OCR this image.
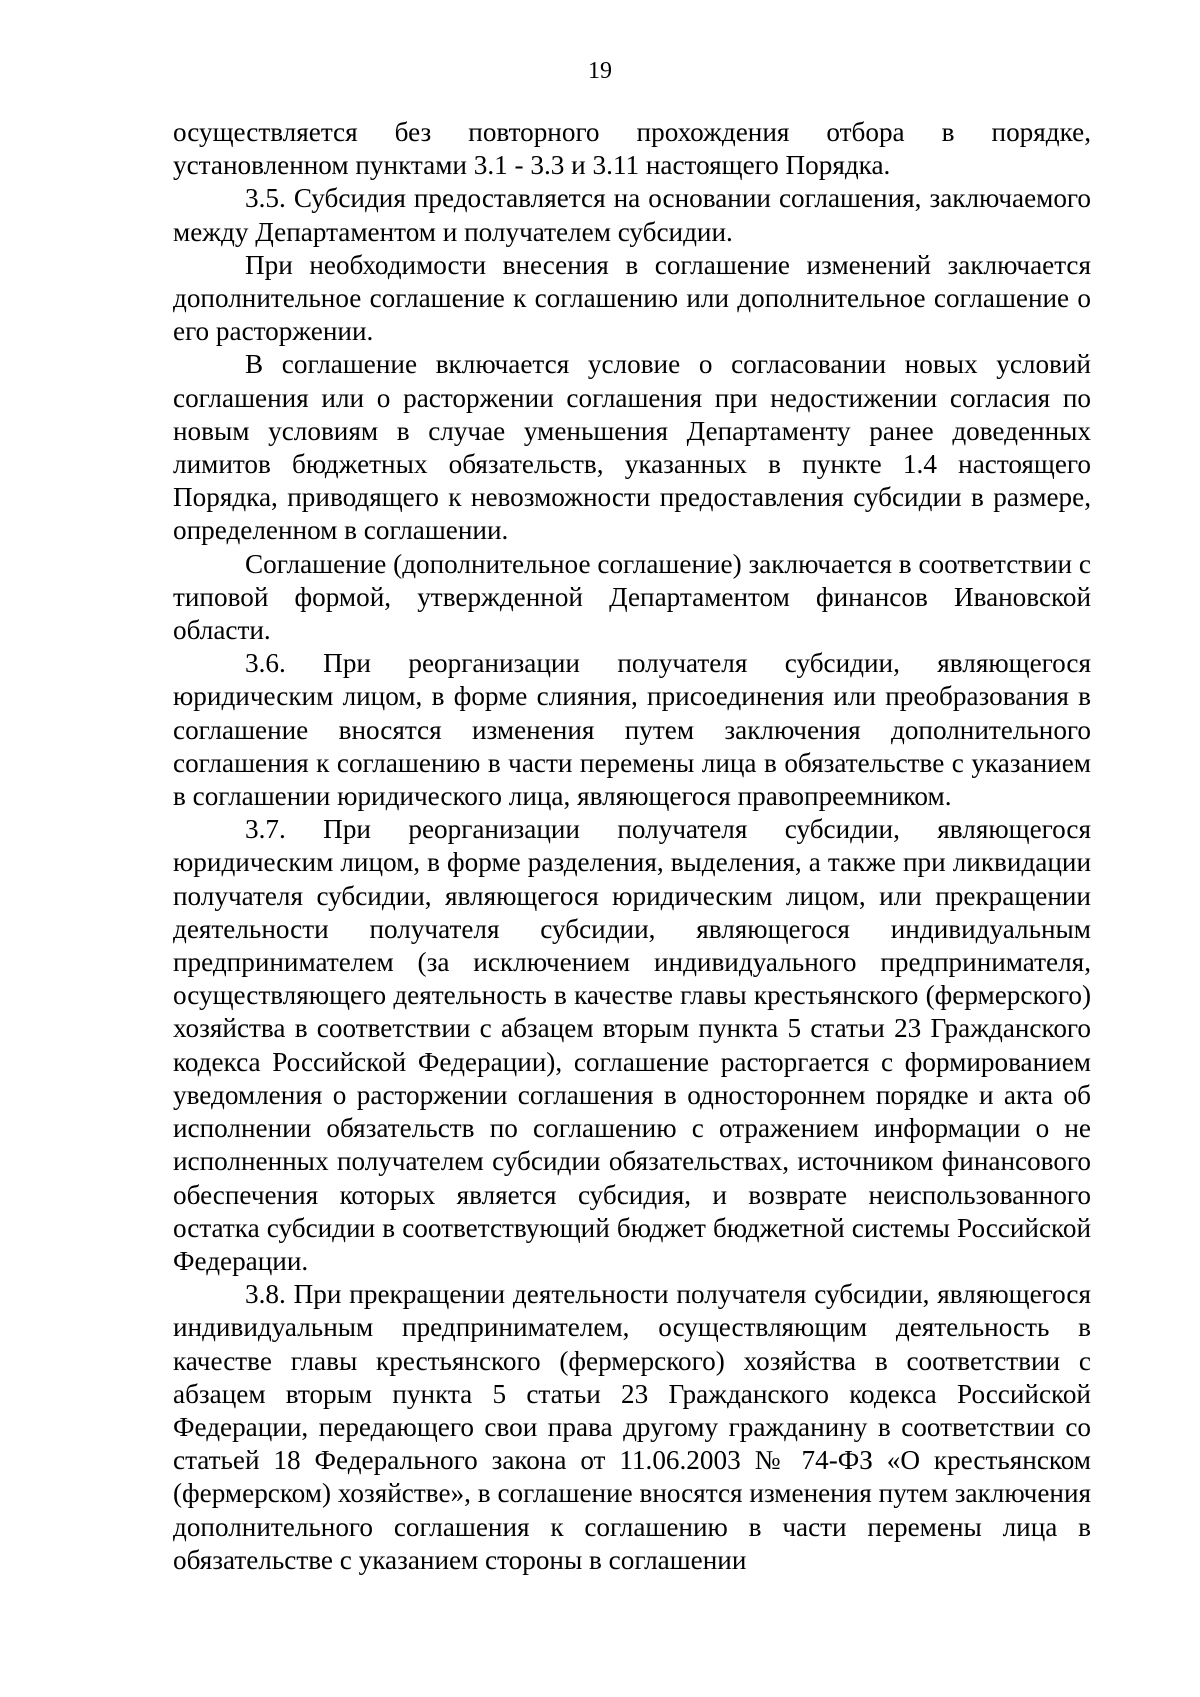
19

осуществляется без повторного прохождения отбора в порядке, установленном пунктами 3.1 - 3.3 и 3.11 настоящего Порядка.

3.5. Субсидия предоставляется на основании соглашения, заключаемого между Департаментом и получателем субсидии.

При необходимости внесения в соглашение изменений заключается дополнительное соглашение к соглашению или дополнительное соглашение о его расторжении.

В соглашение включается условие о согласовании новых условий соглашения или о расторжении соглашения при недостижении согласия по новым условиям в случае уменьшения Департаменту ранее доведенных лимитов бюджетных обязательств, указанных в пункте 1.4 настоящего Порядка, приводящего к невозможности предоставления субсидии в размере, определенном в соглашении.

Соглашение (дополнительное соглашение) заключается в соответствии с типовой формой, утвержденной Департаментом финансов Ивановской области.

3.6. При реорганизации получателя субсидии, являющегося юридическим лицом, в форме слияния, присоединения или преобразования в соглашение вносятся изменения путем заключения дополнительного соглашения к соглашению в части перемены лица в обязательстве с указанием в соглашении юридического лица, являющегося правопреемником.

3.7. При реорганизации получателя субсидии, являющегося юридическим лицом, в форме разделения, выделения, а также при ликвидации получателя субсидии, являющегося юридическим лицом, или прекращении деятельности получателя субсидии, являющегося индивидуальным предпринимателем (за исключением индивидуального предпринимателя, осуществляющего деятельность в качестве главы крестьянского (фермерского) хозяйства в соответствии с абзацем вторым пункта 5 статьи 23 Гражданского кодекса Российской Федерации), соглашение расторгается с формированием уведомления о расторжении соглашения в одностороннем порядке и акта об исполнении обязательств по соглашению с отражением информации о не исполненных получателем субсидии обязательствах, источником финансового обеспечения которых является субсидия, и возврате неиспользованного остатка субсидии в соответствующий бюджет бюджетной системы Российской Федерации.

3.8. При прекращении деятельности получателя субсидии, являющегося индивидуальным предпринимателем, осуществляющим деятельность в качестве главы крестьянского (фермерского) хозяйства в соответствии с абзацем вторым пункта 5 статьи 23 Гражданского кодекса Российской Федерации, передающего свои права другому гражданину в соответствии со статьей 18 Федерального закона от 11.06.2003 № 74-ФЗ «О крестьянском (фермерском) хозяйстве», в соглашение вносятся изменения путем заключения дополнительного соглашения к соглашению в части перемены лица в обязательстве с указанием стороны в соглашении
